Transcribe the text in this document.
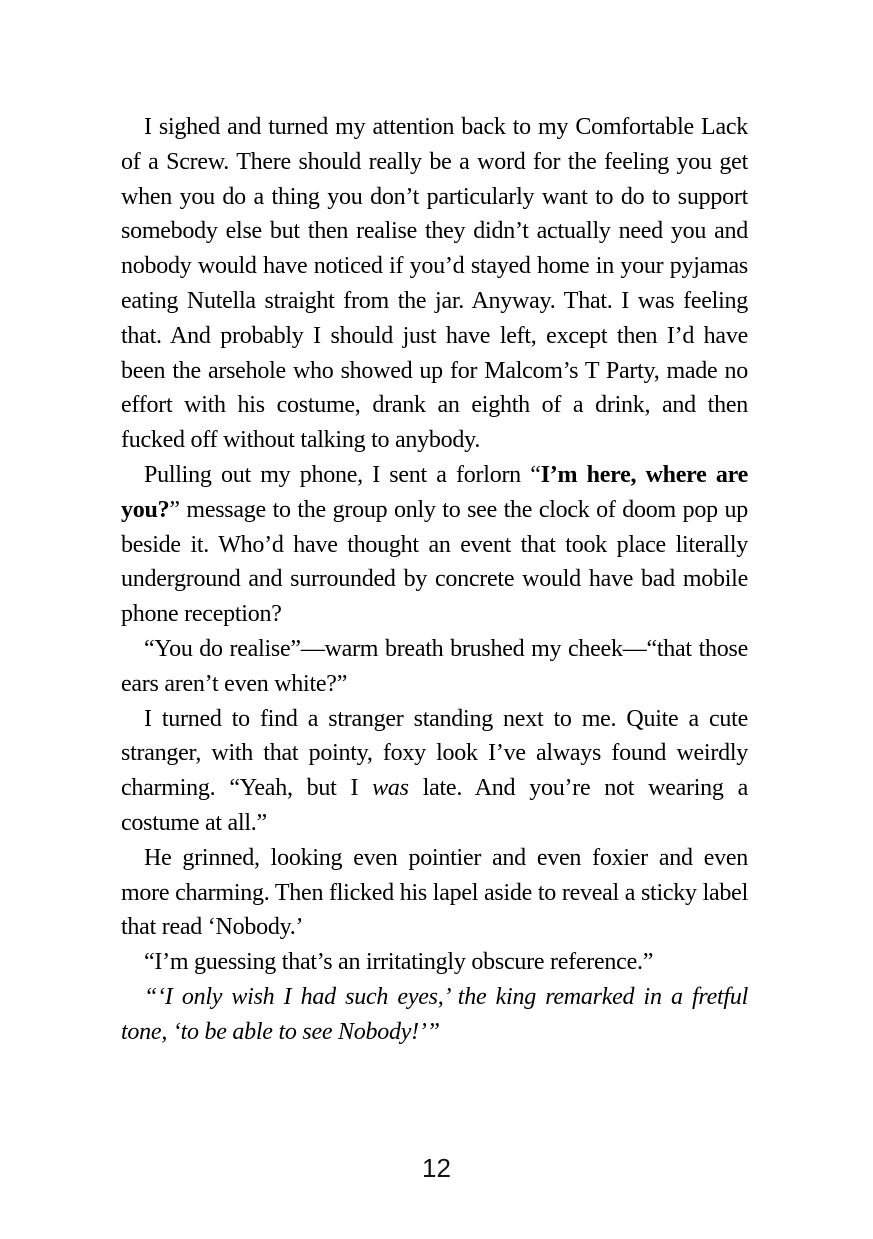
I sighed and turned my attention back to my Comfortable Lack of a Screw. There should really be a word for the feeling you get when you do a thing you don’t particularly want to do to support somebody else but then realise they didn’t actually need you and nobody would have noticed if you’d stayed home in your pyjamas eating Nutella straight from the jar. Anyway. That. I was feeling that. And probably I should just have left, except then I’d have been the arsehole who showed up for Malcom’s T Party, made no effort with his costume, drank an eighth of a drink, and then fucked off without talking to anybody.

Pulling out my phone, I sent a forlorn “I’m here, where are you?” message to the group only to see the clock of doom pop up beside it. Who’d have thought an event that took place literally underground and surrounded by concrete would have bad mobile phone reception?

“You do realise”—warm breath brushed my cheek—“that those ears aren’t even white?”

I turned to find a stranger standing next to me. Quite a cute stranger, with that pointy, foxy look I’ve always found weirdly charming. “Yeah, but I was late. And you’re not wearing a costume at all.”

He grinned, looking even pointier and even foxier and even more charming. Then flicked his lapel aside to reveal a sticky label that read ‘Nobody.’

“I’m guessing that’s an irritatingly obscure reference.”

“‘I only wish I had such eyes,’ the king remarked in a fretful tone, ‘to be able to see Nobody!’”

12
